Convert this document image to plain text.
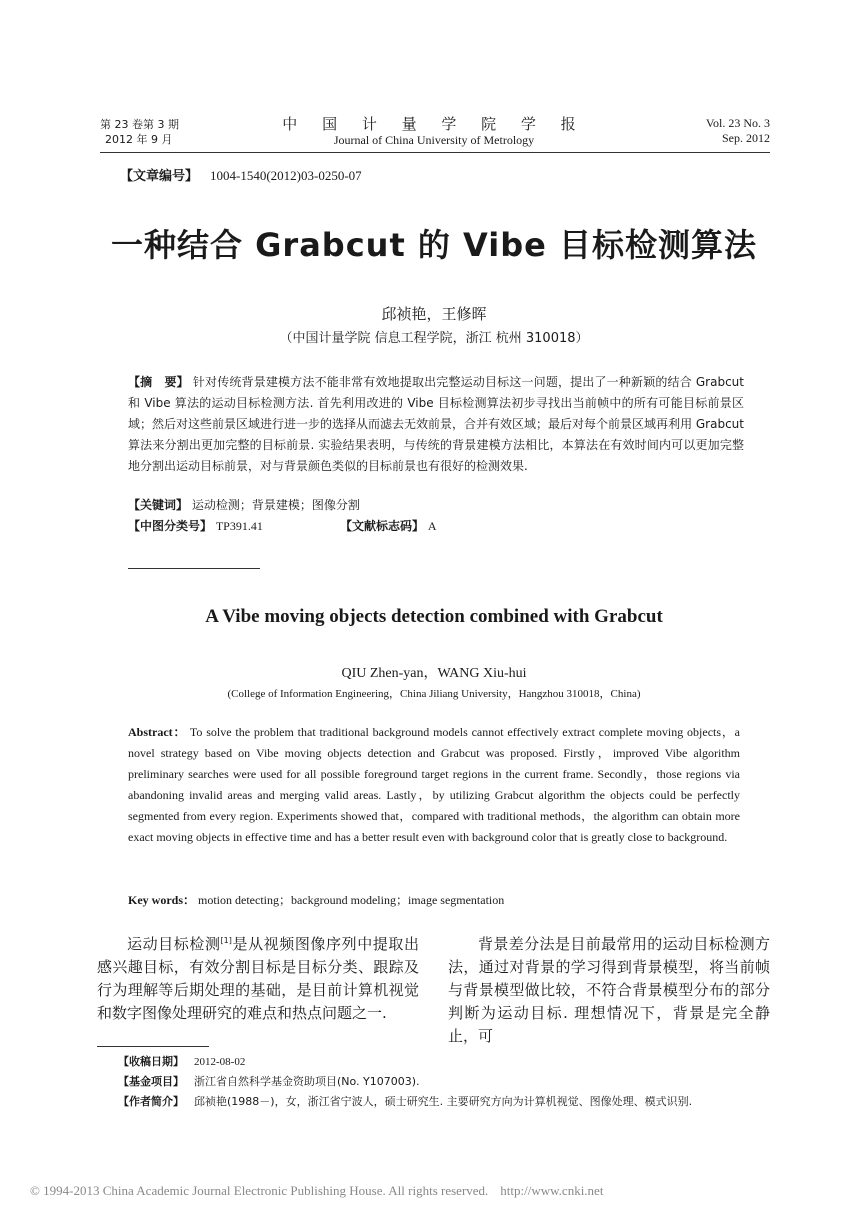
第 23 卷第 3 期
2012 年 9 月
中 国 计 量 学 院 学 报
Journal of China University of Metrology
Vol. 23 No. 3
Sep. 2012
【文章编号】 1004-1540(2012)03-0250-07
一种结合 Grabcut 的 Vibe 目标检测算法
邱祯艳，王修晖
（中国计量学院 信息工程学院，浙江 杭州 310018）
【摘　要】 针对传统背景建模方法不能非常有效地提取出完整运动目标这一问题，提出了一种新颖的结合 Grabcut 和 Vibe 算法的运动目标检测方法. 首先利用改进的 Vibe 目标检测算法初步寻找出当前帧中的所有可能目标前景区域；然后对这些前景区域进行进一步的选择从而滤去无效前景，合并有效区域；最后对每个前景区域再利用 Grabcut 算法来分割出更加完整的目标前景. 实验结果表明，与传统的背景建模方法相比，本算法在有效时间内可以更加完整地分割出运动目标前景，对与背景颜色类似的目标前景也有很好的检测效果.
【关键词】 运动检测；背景建模；图像分割
【中图分类号】 TP391.41	【文献标志码】 A
A Vibe moving objects detection combined with Grabcut
QIU Zhen-yan，WANG Xiu-hui
(College of Information Engineering，China Jiliang University，Hangzhou 310018，China)
Abstract： To solve the problem that traditional background models cannot effectively extract complete moving objects，a novel strategy based on Vibe moving objects detection and Grabcut was proposed. Firstly，improved Vibe algorithm preliminary searches were used for all possible foreground target regions in the current frame. Secondly，those regions via abandoning invalid areas and merging valid areas. Lastly，by utilizing Grabcut algorithm the objects could be perfectly segmented from every region. Experiments showed that，compared with traditional methods，the algorithm can obtain more exact moving objects in effective time and has a better result even with background color that is greatly close to background.
Key words： motion detecting；background modeling；image segmentation

运动目标检测[1]是从视频图像序列中提取出感兴趣目标，有效分割目标是目标分类、跟踪及行为理解等后期处理的基础，是目前计算机视觉和数字图像处理研究的难点和热点问题之一.

背景差分法是目前最常用的运动目标检测方法，通过对背景的学习得到背景模型，将当前帧与背景模型做比较，不符合背景模型分布的部分判断为运动目标. 理想情况下，背景是完全静止，可

【收稿日期】 2012-08-02
【基金项目】 浙江省自然科学基金资助项目(No. Y107003).
【作者简介】 邱祯艳(1988－)，女，浙江省宁波人，硕士研究生. 主要研究方向为计算机视觉、图像处理、模式识别.
© 1994-2013 China Academic Journal Electronic Publishing House. All rights reserved. http://www.cnki.net
